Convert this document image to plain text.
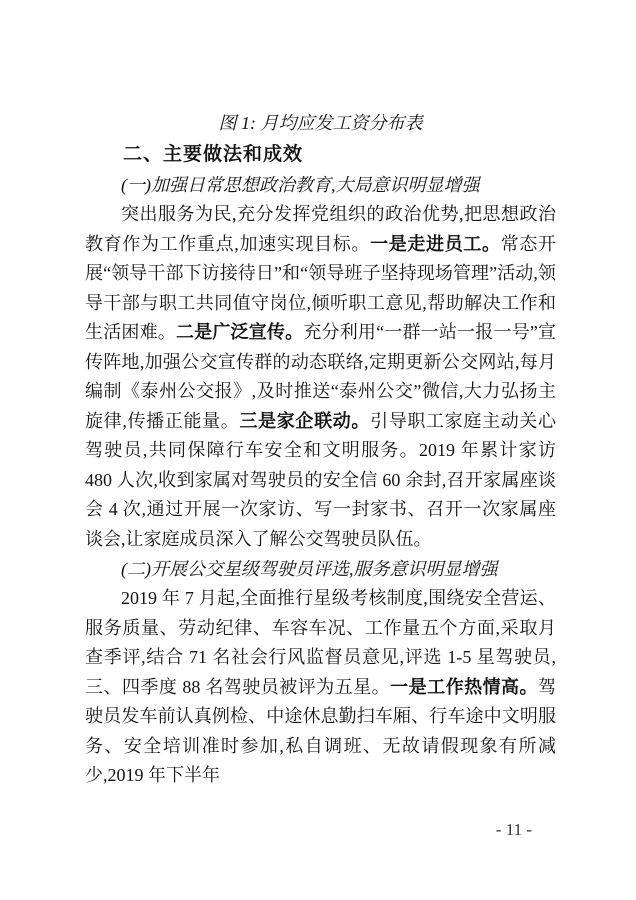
图 1: 月均应发工资分布表
二、主要做法和成效
(一)加强日常思想政治教育,大局意识明显增强
突出服务为民,充分发挥党组织的政治优势,把思想政治教育作为工作重点,加速实现目标。一是走进员工。常态开展“领导干部下访接待日”和“领导班子坚持现场管理”活动,领导干部与职工共同值守岗位,倾听职工意见,帮助解决工作和生活困难。二是广泛宣传。充分利用“一群一站一报一号”宣传阵地,加强公交宣传群的动态联络,定期更新公交网站,每月编制《泰州公交报》,及时推送“泰州公交”微信,大力弘扬主旋律,传播正能量。三是家企联动。引导职工家庭主动关心驾驶员,共同保障行车安全和文明服务。2019 年累计家访 480 人次,收到家属对驾驶员的安全信 60 余封,召开家属座谈会 4 次,通过开展一次家访、写一封家书、召开一次家属座谈会,让家庭成员深入了解公交驾驶员队伍。
(二)开展公交星级驾驶员评选,服务意识明显增强
2019 年 7 月起,全面推行星级考核制度,围绕安全营运、服务质量、劳动纪律、车容车况、工作量五个方面,采取月查季评,结合 71 名社会行风监督员意见,评选 1-5 星驾驶员,三、四季度 88 名驾驶员被评为五星。一是工作热情高。驾驶员发车前认真例检、中途休息勤扫车厢、行车途中文明服务、安全培训准时参加,私自调班、无故请假现象有所减少,2019 年下半年
- 11 -
